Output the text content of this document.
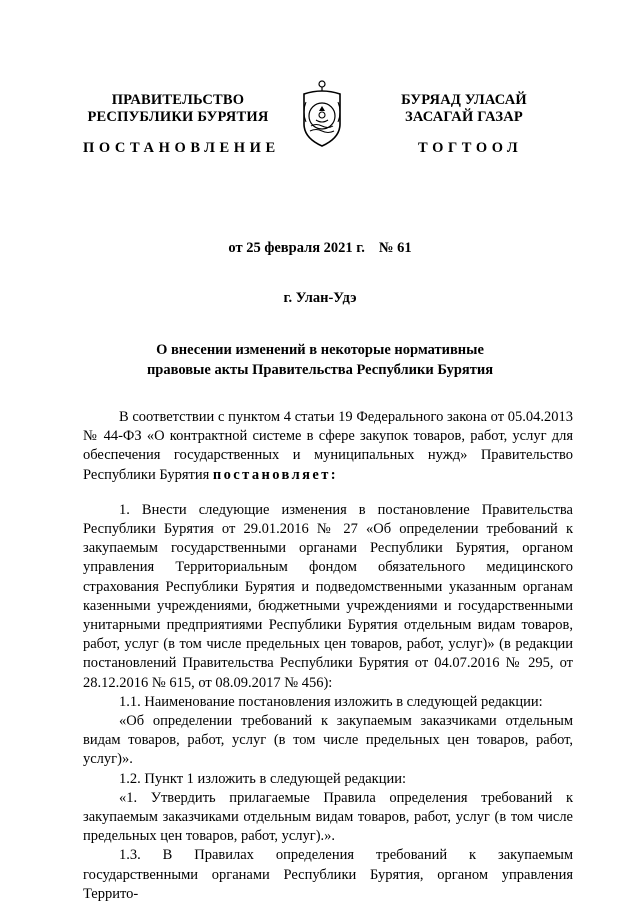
ПРАВИТЕЛЬСТВО
РЕСПУБЛИКИ БУРЯТИЯ
БУРЯАД УЛАСАЙ
ЗАСАГАЙ ГАЗАР
ПОСТАНОВЛЕНИЕ	ТОГТООЛ
от 25 февраля 2021 г. № 61
г. Улан-Удэ
О внесении изменений в некоторые нормативные
правовые акты Правительства Республики Бурятия

В соответствии с пунктом 4 статьи 19 Федерального закона от 05.04.2013 № 44-ФЗ «О контрактной системе в сфере закупок товаров, работ, услуг для обеспечения государственных и муниципальных нужд» Правительство Республики Бурятия постановляет:

1. Внести следующие изменения в постановление Правительства Республики Бурятия от 29.01.2016 № 27 «Об определении требований к закупаемым государственными органами Республики Бурятия, органом управления Территориальным фондом обязательного медицинского страхования Республики Бурятия и подведомственными указанным органам казенными учреждениями, бюджетными учреждениями и государственными унитарными предприятиями Республики Бурятия отдельным видам товаров, работ, услуг (в том числе предельных цен товаров, работ, услуг)» (в редакции постановлений Правительства Республики Бурятия от 04.07.2016 № 295, от 28.12.2016 № 615, от 08.09.2017 № 456):

1.1. Наименование постановления изложить в следующей редакции:

«Об определении требований к закупаемым заказчиками отдельным видам товаров, работ, услуг (в том числе предельных цен товаров, работ, услуг)».

1.2. Пункт 1 изложить в следующей редакции:

«1. Утвердить прилагаемые Правила определения требований к закупаемым заказчиками отдельным видам товаров, работ, услуг (в том числе предельных цен товаров, работ, услуг).».

1.3. В Правилах определения требований к закупаемым государственными органами Республики Бурятия, органом управления Террито-
